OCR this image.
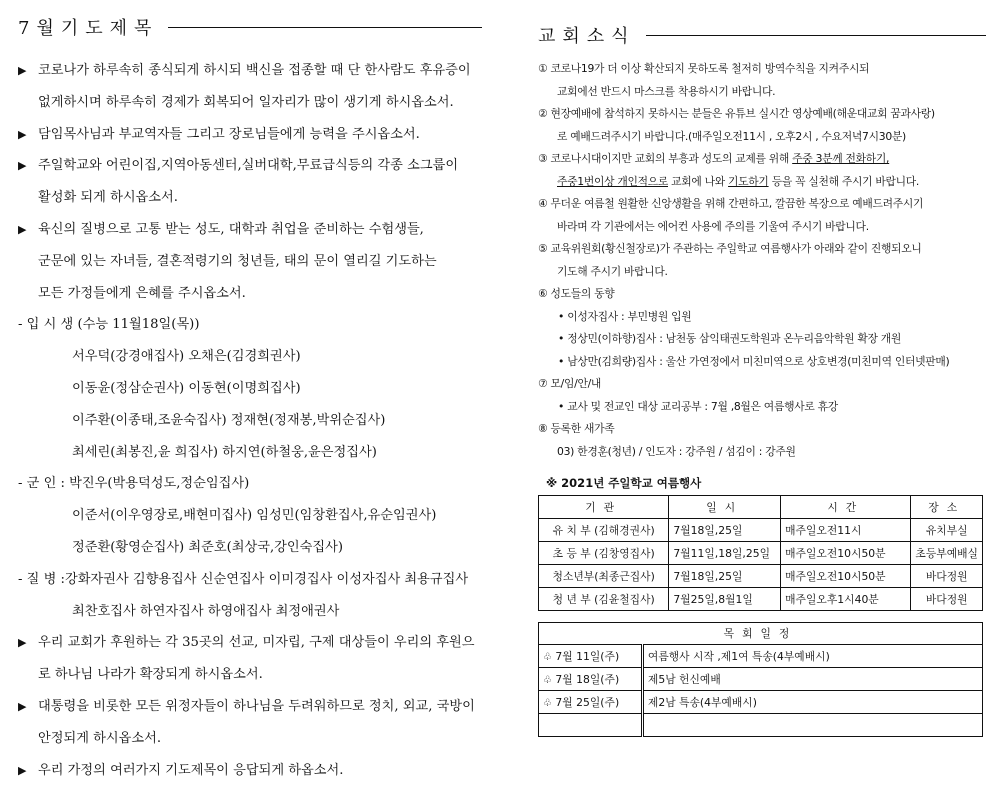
7월기도제목
▶ 코로나가 하루속히 종식되게 하시되 백신을 접종할 때 단 한사람도 후유증이
없게하시며 하루속히 경제가 회복되어 일자리가 많이 생기게 하시옵소서.
▶ 담임목사님과 부교역자들 그리고 장로님들에게 능력을 주시옵소서.
▶ 주일학교와 어린이집,지역아동센터,실버대학,무료급식등의 각종 소그룹이
활성화 되게 하시옵소서.
▶ 육신의 질병으로 고통 받는 성도, 대학과 취업을 준비하는 수험생들,
군문에 있는 자녀들, 결혼적령기의 청년들, 태의 문이 열리길 기도하는
모든 가정들에게 은혜를 주시옵소서.
- 입 시 생 (수능 11월18일(목))
서우덕(강경애집사) 오채은(김경희권사)
이동윤(정삼순권사) 이동현(이명희집사)
이주환(이종태,조윤숙집사) 정재현(정재봉,박위순집사)
최세린(최봉진,윤 희집사) 하지연(하철웅,윤은정집사)
- 군 인 : 박진우(박용덕성도,정순임집사)
이준서(이우영장로,배현미집사) 임성민(임창환집사,유순임권사)
정준환(황영순집사) 최준호(최상국,강인숙집사)
- 질 병 :강화자권사 김향용집사 신순연집사 이미경집사 이성자집사 최용규집사
최찬호집사 하연자집사 하영애집사 최정애권사
▶ 우리 교회가 후원하는 각 35곳의 선교, 미자립, 구제 대상들이 우리의 후원으
로 하나님 나라가 확장되게 하시옵소서.
▶ 대통령을 비롯한 모든 위정자들이 하나님을 두려워하므로 정치, 외교, 국방이
안정되게 하시옵소서.
▶ 우리 가정의 여러가지 기도제목이 응답되게 하옵소서.
교회소식
① 코로나19가 더 이상 확산되지 못하도록 철저히 방역수칙을 지켜주시되
교회에선 반드시 마스크를 착용하시기 바랍니다.
② 현장예배에 참석하지 못하시는 분들은 유튜브 실시간 영상예배(해운대교회 꿈과사랑)
로 예배드려주시기 바랍니다.(매주일오전11시 , 오후2시 , 수요저녁7시30분)
③ 코로나시대이지만 교회의 부흥과 성도의 교제를 위해 주중 3분께 전화하기,
주중1번이상 개인적으로 교회에 나와 기도하기 등을 꼭 실천해 주시기 바랍니다.
④ 무더운 여름철 원활한 신앙생활을 위해 간편하고, 깔끔한 복장으로 예배드려주시기
바라며 각 기관에서는 에어컨 사용에 주의를 기울여 주시기 바랍니다.
⑤ 교육위원회(황신철장로)가 주관하는 주일학교 여름행사가 아래와 같이 진행되오니
기도해 주시기 바랍니다.
⑥ 성도들의 동향
• 이성자집사 : 부민병원 입원
• 정상민(이하향)집사 : 남천동 삼익태권도학원과 온누리음악학원 확장 개원
• 남상만(김희량)집사 : 울산 가연정에서 미친미역으로 상호변경(미친미역 인터넷판매)
⑦ 모/임/안/내
• 교사 및 전교인 대상 교리공부 : 7월 ,8월은 여름행사로 휴강
⑧ 등록한 새가족
03) 한경훈(청년) / 인도자 : 강주원 / 섬김이 : 강주원
※ 2021년 주일학교 여름행사
기관	일시	시간	장소
유 치 부 (김해경권사)	7월18일,25일	매주일오전11시	유치부실
초 등 부 (김창영집사)	7월11일,18일,25일	매주일오전10시50분	초등부예배실
청소년부(최종근집사)	7월18일,25일	매주일오전10시50분	바다정원
청 년 부 (김윤철집사)	7월25일,8월1일	매주일오후1시40분	바다정원
목회일정	
♧ 7월 11일(주)	여름행사 시작 ,제1여 특송(4부예배시)
♧ 7월 18일(주)	제5남 헌신예배
♧ 7월 25일(주)	제2남 특송(4부예배시)
